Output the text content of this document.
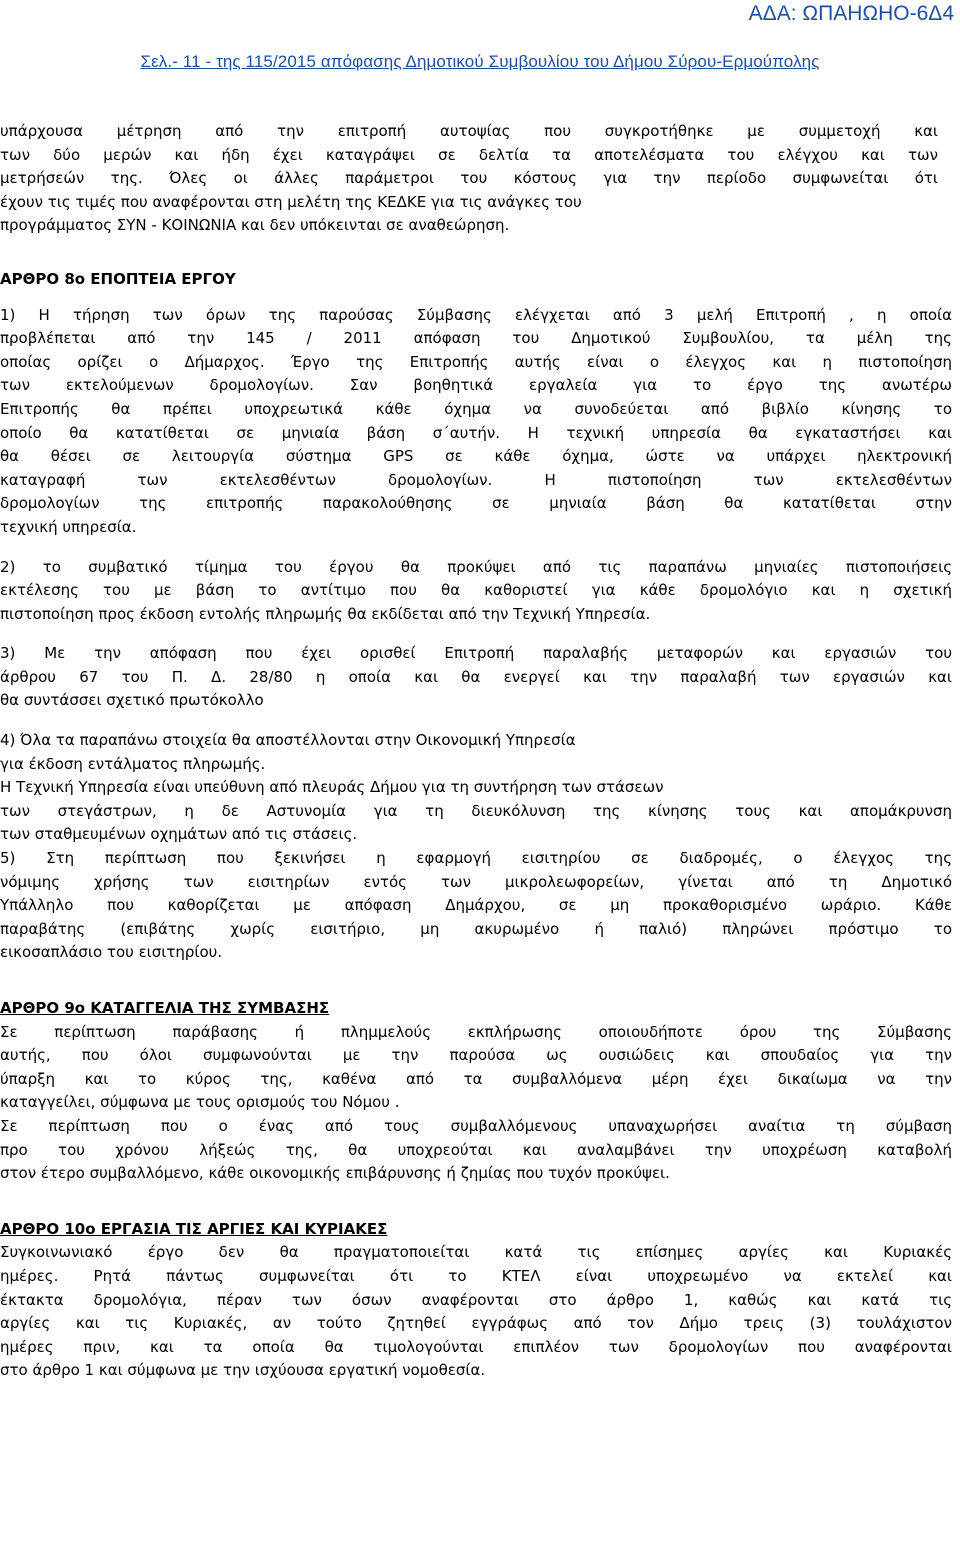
ΑΔΑ: ΩΠΑΗΩΗΟ-6Δ4
Σελ.- 11 - της 115/2015 απόφασης Δημοτικού Συμβουλίου του Δήμου Σύρου-Ερμούπολης
υπάρχουσα μέτρηση από την επιτροπή αυτοψίας που συγκροτήθηκε με συμμετοχή και
των δύο μερών και ήδη έχει καταγράψει σε δελτία τα αποτελέσματα του ελέγχου και των
μετρήσεών της. Όλες οι άλλες παράμετροι του κόστους για την περίοδο συμφωνείται ότι
έχουν τις τιμές που αναφέρονται στη μελέτη της ΚΕΔΚΕ για τις ανάγκες του
προγράμματος ΣΥΝ - ΚΟΙΝΩΝΙΑ και δεν υπόκεινται σε αναθεώρηση.
ΑΡΘΡΟ 8ο ΕΠΟΠΤΕΙΑ ΕΡΓΟΥ
1) Η τήρηση των όρων της παρούσας Σύμβασης ελέγχεται από 3 μελή Επιτροπή , η οποία
προβλέπεται από την 145 / 2011 απόφαση του Δημοτικού Συμβουλίου, τα μέλη της
οποίας ορίζει ο Δήμαρχος. Έργο της Επιτροπής αυτής είναι ο έλεγχος και η πιστοποίηση
των εκτελούμενων δρομολογίων. Σαν βοηθητικά εργαλεία για το έργο της ανωτέρω
Επιτροπής θα πρέπει υποχρεωτικά κάθε όχημα να συνοδεύεται από βιβλίο κίνησης το
οποίο θα κατατίθεται σε μηνιαία βάση σ΄αυτήν. Η τεχνική υπηρεσία θα εγκαταστήσει και
θα θέσει σε λειτουργία σύστημα GPS σε κάθε όχημα, ώστε να υπάρχει ηλεκτρονική
καταγραφή των εκτελεσθέντων δρομολογίων. Η πιστοποίηση των εκτελεσθέντων
δρομολογίων της επιτροπής παρακολούθησης σε μηνιαία βάση θα κατατίθεται στην
τεχνική υπηρεσία.
2) το συμβατικό τίμημα του έργου θα προκύψει από τις παραπάνω μηνιαίες πιστοποιήσεις
εκτέλεσης του με βάση το αντίτιμο που θα καθοριστεί για κάθε δρομολόγιο και η σχετική
πιστοποίηση προς έκδοση εντολής πληρωμής θα εκδίδεται από την Τεχνική Υπηρεσία.
3) Με την απόφαση που έχει ορισθεί Επιτροπή παραλαβής μεταφορών και εργασιών του
άρθρου 67 του Π. Δ. 28/80 η οποία και θα ενεργεί και την παραλαβή των εργασιών και
θα συντάσσει σχετικό πρωτόκολλο
4) Όλα τα παραπάνω στοιχεία θα αποστέλλονται στην Οικονομική Υπηρεσία
για έκδοση εντάλματος πληρωμής.
Η Τεχνική Υπηρεσία είναι υπεύθυνη από πλευράς Δήμου για τη συντήρηση των στάσεων
των στεγάστρων, η δε Αστυνομία για τη διευκόλυνση της κίνησης τους και απομάκρυνση
των σταθμευμένων οχημάτων από τις στάσεις.
5) Στη περίπτωση που ξεκινήσει η εφαρμογή εισιτηρίου σε διαδρομές, ο έλεγχος της
νόμιμης χρήσης των εισιτηρίων εντός των μικρολεωφορείων, γίνεται από τη Δημοτικό
Υπάλληλο που καθορίζεται με απόφαση Δημάρχου, σε μη προκαθορισμένο ωράριο. Κάθε
παραβάτης (επιβάτης χωρίς εισιτήριο, μη ακυρωμένο ή παλιό) πληρώνει πρόστιμο το
εικοσαπλάσιο του εισιτηρίου.
ΑΡΘΡΟ 9ο ΚΑΤΑΓΓΕΛΙΑ ΤΗΣ ΣΥΜΒΑΣΗΣ
Σε περίπτωση παράβασης ή πλημμελούς εκπλήρωσης οποιουδήποτε όρου της Σύμβασης
αυτής, που όλοι συμφωνούνται με την παρούσα ως ουσιώδεις και σπουδαίος για την
ύπαρξη και το κύρος της, καθένα από τα συμβαλλόμενα μέρη έχει δικαίωμα να την
καταγγείλει, σύμφωνα με τους ορισμούς του Νόμου .
Σε περίπτωση που ο ένας από τους συμβαλλόμενους υπαναχωρήσει αναίτια τη σύμβαση
προ του χρόνου λήξεώς της, θα υποχρεούται και αναλαμβάνει την υποχρέωση καταβολή
στον έτερο συμβαλλόμενο, κάθε οικονομικής επιβάρυνσης ή ζημίας που τυχόν προκύψει.
ΑΡΘΡΟ 10ο ΕΡΓΑΣΙΑ ΤΙΣ ΑΡΓΙΕΣ ΚΑΙ ΚΥΡΙΑΚΕΣ
Συγκοινωνιακό έργο δεν θα πραγματοποιείται κατά τις επίσημες αργίες και Κυριακές
ημέρες. Ρητά πάντως συμφωνείται ότι το ΚΤΕΛ είναι υποχρεωμένο να εκτελεί και
έκτακτα δρομολόγια, πέραν των όσων αναφέρονται στο άρθρο 1, καθώς και κατά τις
αργίες και τις Κυριακές, αν τούτο ζητηθεί εγγράφως από τον Δήμο τρεις (3) τουλάχιστον
ημέρες πριν, και τα οποία θα τιμολογούνται επιπλέον των δρομολογίων που αναφέρονται
στο άρθρο 1 και σύμφωνα με την ισχύουσα εργατική νομοθεσία.
